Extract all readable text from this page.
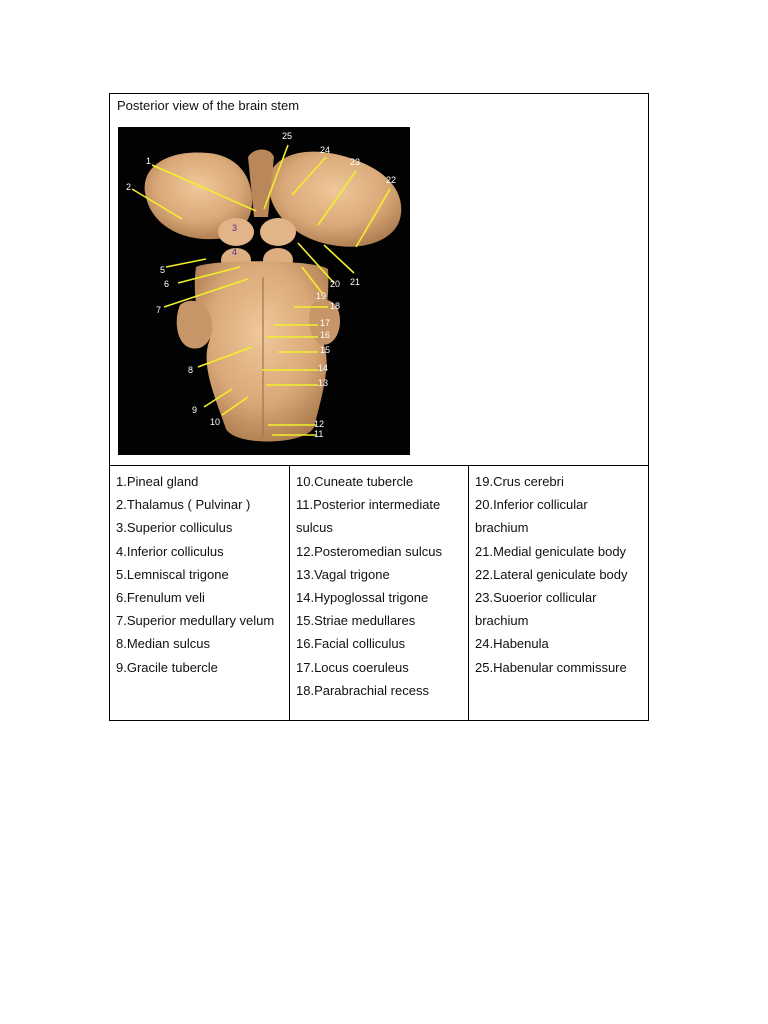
Posterior view of the brain stem
1
2
3
4
5
6
7
8
9
10
11
12
13
14
15
16
17
18
19
20 21
22
23
24
25

1.Pineal gland

2.Thalamus ( Pulvinar )

3.Superior colliculus

4.Inferior colliculus

5.Lemniscal trigone

6.Frenulum veli

7.Superior medullary velum

8.Median sulcus

9.Gracile tubercle

10.Cuneate tubercle

11.Posterior intermediate sulcus

12.Posteromedian sulcus

13.Vagal trigone

14.Hypoglossal trigone

15.Striae medullares

16.Facial colliculus

17.Locus coeruleus

18.Parabrachial recess

19.Crus cerebri

20.Inferior collicular brachium

21.Medial geniculate body

22.Lateral geniculate body

23.Suoerior collicular brachium

24.Habenula

25.Habenular commissure
